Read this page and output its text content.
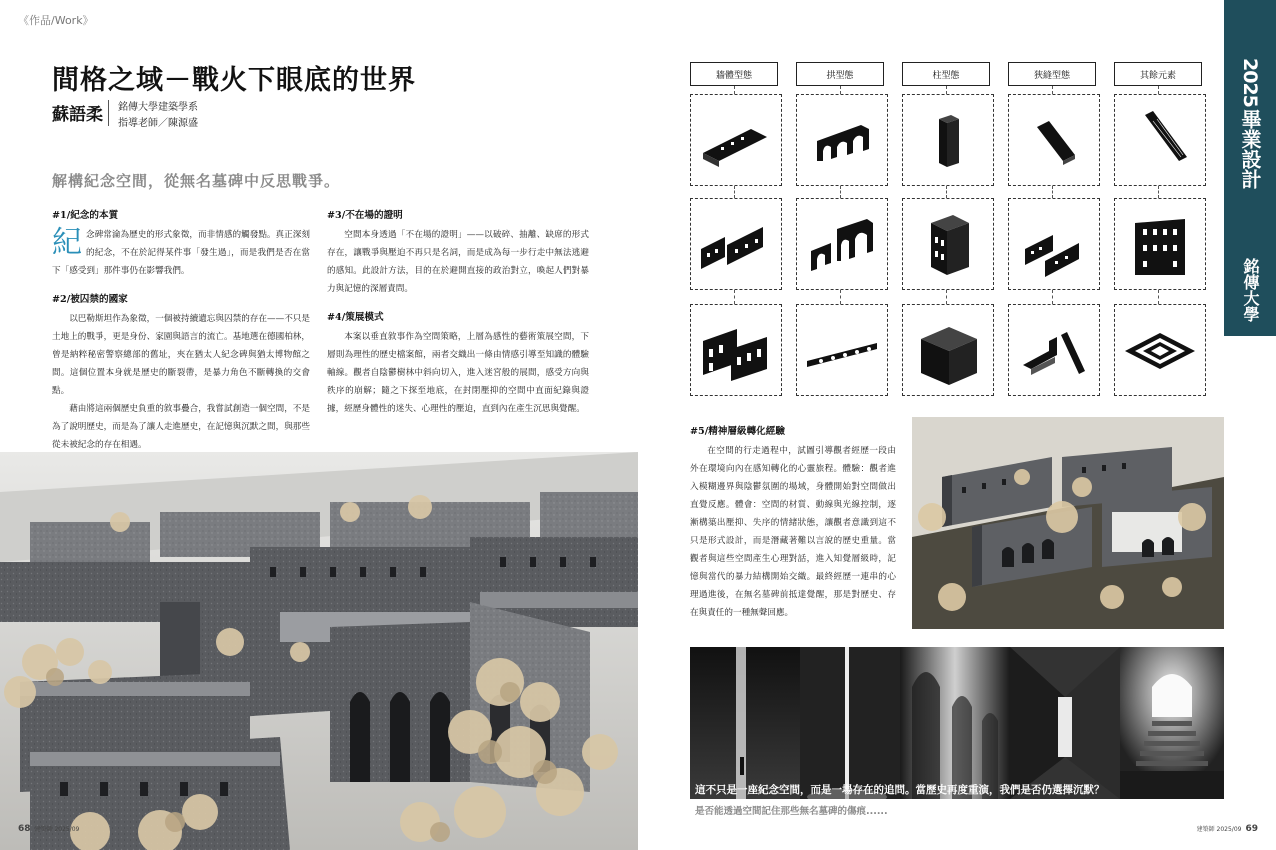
《作品/Work》
間格之域－戰火下眼底的世界
蘇語柔 銘傳大學建築學系
指導老師／陳源盛
解構紀念空間，從無名墓碑中反思戰爭。
#1/紀念的本質

紀念碑常淪為歷史的形式象徵，而非情感的觸發點。真正深刻的紀念，不在於記得某件事「發生過」，而是我們是否在當下「感受到」那件事仍在影響我們。

#2/被囚禁的國家

以巴勒斯坦作為象徵，一個被持續遺忘與囚禁的存在——不只是土地上的戰爭，更是身份、家園與語言的流亡。基地選在德國柏林，曾是納粹秘密警察總部的舊址，夾在猶太人紀念碑與猶太博物館之間。這個位置本身就是歷史的斷裂帶，是暴力角色不斷轉換的交會點。

藉由將這兩個歷史負重的敘事疊合，我嘗試創造一個空間，不是為了說明歷史，而是為了讓人走進歷史，在記憶與沉默之間，與那些從未被紀念的存在相遇。

#3/不在場的證明

空間本身透過「不在場的證明」——以破碎、抽離、缺席的形式存在，讓戰爭與壓迫不再只是名詞，而是成為每一步行走中無法逃避的感知。此設計方法，目的在於避開直接的政治對立，喚起人們對暴力與記憶的深層責問。

#4/策展模式

本案以垂直敘事作為空間策略，上層為感性的藝術策展空間，下層則為理性的歷史檔案館，兩者交織出一條由情感引導至知識的體驗軸線。觀者自陰鬱樹林中斜向切入，進入迷宮般的展間，感受方向與秩序的崩解；隨之下探至地底，在封閉壓抑的空間中直面紀錄與證據，經歷身體性的迷失、心理性的壓迫，直到內在產生沉思與覺醒。

68 建築師 2025/09	建築師 2025/09 69
2025
畢業設計
銘傳大學
牆體型態	拱型態	柱型態	狹縫型態	其餘元素
#5/精神層級轉化經驗

在空間的行走過程中，試圖引導觀者經歷一段由外在環境向內在感知轉化的心靈旅程。體驗：觀者進入模糊邊界與陰鬱氛圍的場域，身體開始對空間做出直覺反應。體會：空間的材質、動線與光線控制，逐漸構築出壓抑、失序的情緒狀態，讓觀者意識到這不只是形式設計，而是潛藏著難以言說的歷史重量。當觀者與這些空間產生心理對話，進入知覺層級時，記憶與當代的暴力結構開始交織。最終經歷一連串的心理過進後，在無名墓碑前抵達覺醒，那是對歷史、存在與責任的一種無聲回應。

這不只是一座紀念空間，而是一場存在的追問。當歷史再度重演，我們是否仍選擇沉默？
是否能透過空間記住那些無名墓碑的傷痕......
